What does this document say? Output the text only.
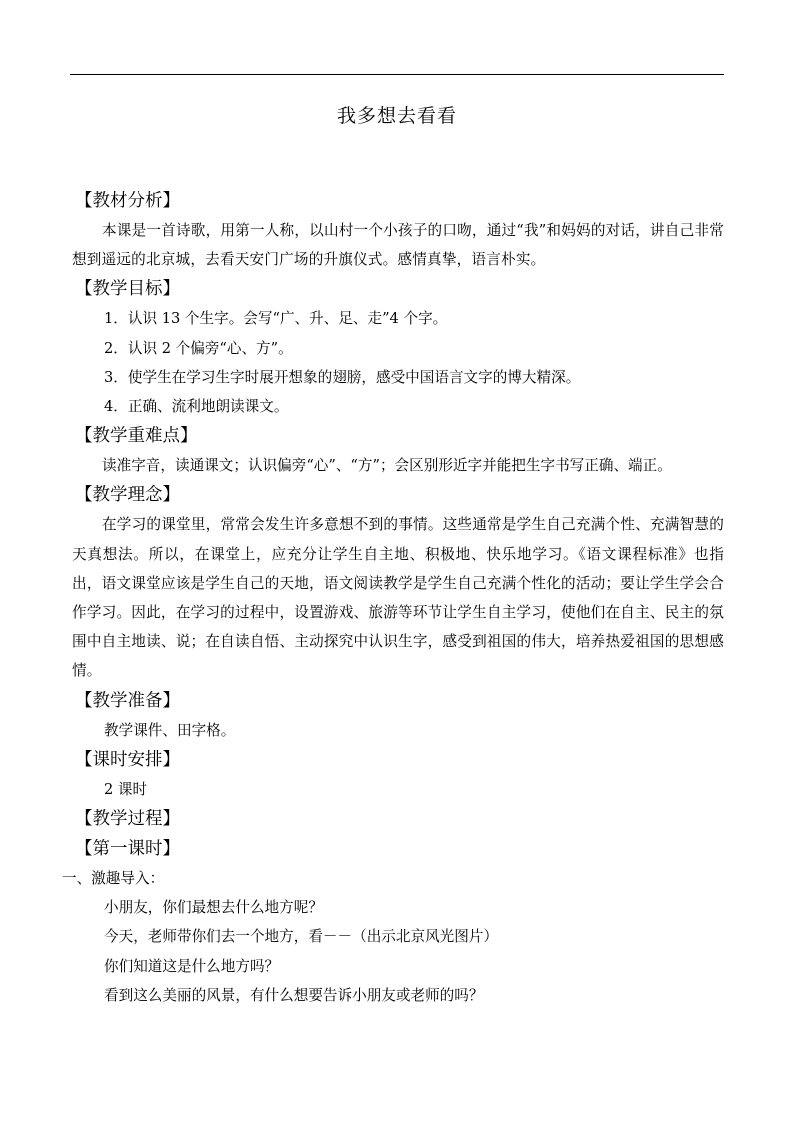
我多想去看看
【教材分析】

本课是一首诗歌，用第一人称，以山村一个小孩子的口吻，通过“我”和妈妈的对话，讲自己非常想到遥远的北京城，去看天安门广场的升旗仪式。感情真挚，语言朴实。

【教学目标】
1．认识 13 个生字。会写“广、升、足、走”4 个字。
2．认识 2 个偏旁“心、方”。
3．使学生在学习生字时展开想象的翅膀，感受中国语言文字的博大精深。
4．正确、流利地朗读课文。
【教学重难点】

读准字音，读通课文；认识偏旁“心”、“方”；会区别形近字并能把生字书写正确、端正。

【教学理念】

在学习的课堂里，常常会发生许多意想不到的事情。这些通常是学生自己充满个性、充满智慧的天真想法。所以，在课堂上，应充分让学生自主地、积极地、快乐地学习。《语文课程标准》也指出，语文课堂应该是学生自己的天地，语文阅读教学是学生自己充满个性化的活动；要让学生学会合作学习。因此，在学习的过程中，设置游戏、旅游等环节让学生自主学习，使他们在自主、民主的氛围中自主地读、说；在自读自悟、主动探究中认识生字，感受到祖国的伟大，培养热爱祖国的思想感情。

【教学准备】
教学课件、田字格。
【课时安排】
2 课时
【教学过程】
【第一课时】
一、激趣导入：
小朋友，你们最想去什么地方呢？
今天，老师带你们去一个地方，看－－（出示北京风光图片）
你们知道这是什么地方吗？
看到这么美丽的风景，有什么想要告诉小朋友或老师的吗？
